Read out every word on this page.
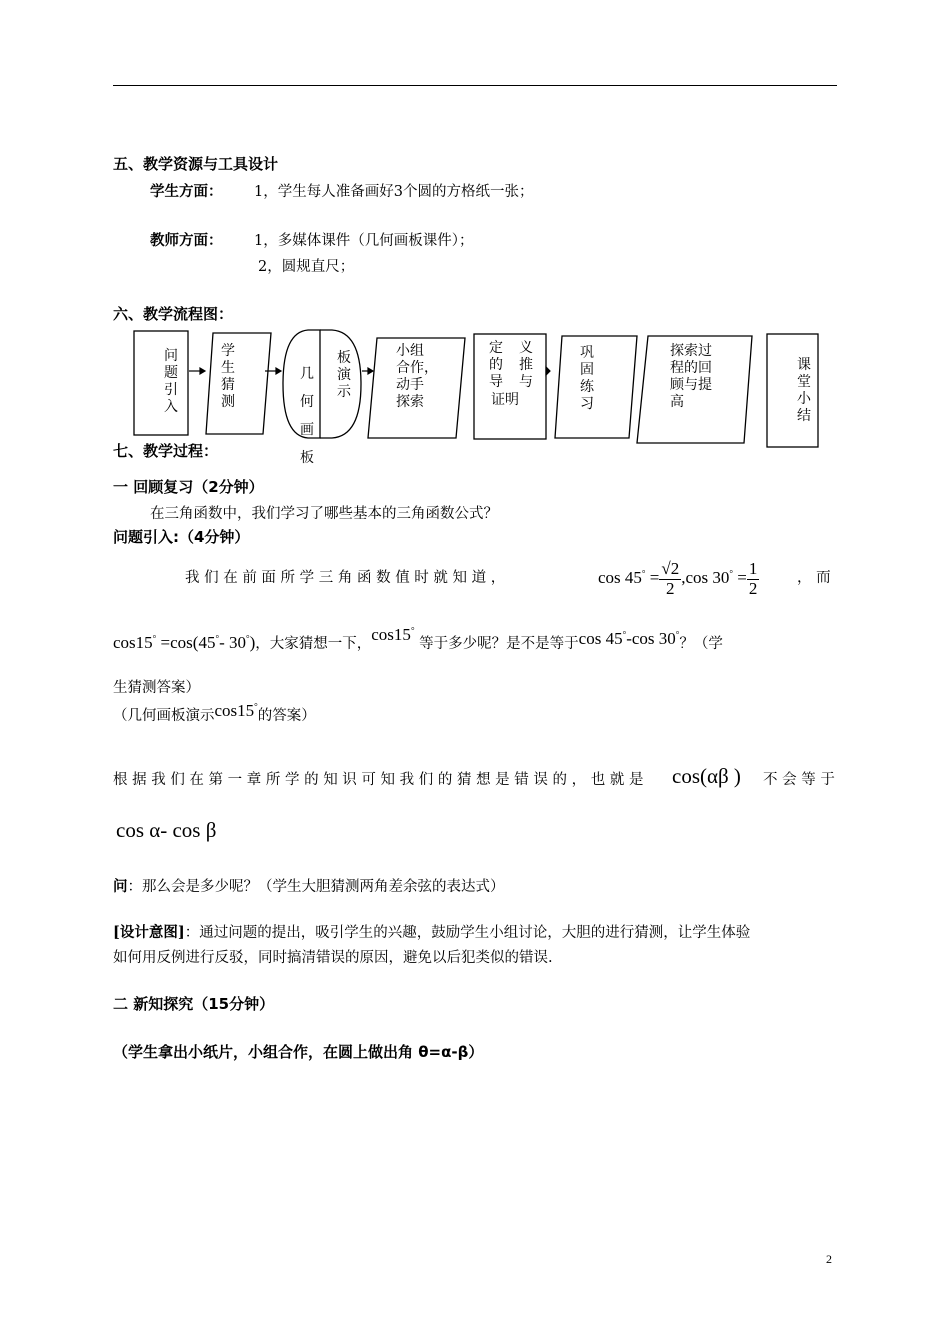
五、教学资源与工具设计
学生方面： 1，学生每人准备画好3个圆的方格纸一张；
教师方面： 1，多媒体课件（几何画板课件）；
2，圆规直尺；
六、教学流程图：
问
题
引
入
学
生
猜
测
几
何
画
板
板
演
示
小组
合作，
动手
探索
定
的
导
义
推
与
证明
巩
固
练
习
探索过
程的回
顾与提
高
课
堂
小
结
七、教学过程：
一 回顾复习（2分钟）
在三角函数中，我们学习了哪些基本的三角函数公式？
问题引入:（4分钟）
我 们 在 前 面 所 学 三 角 函 数 值 时 就 知 道 ，	$\cos 45^\circ = \frac{√2}{2} ,\cos$ $30^\circ = \frac{1}{2}$	， 而
cos15° =cos(45°- 30°)，大家猜想一下，cos15° 等于多少呢？是不是等于cos 45°-cos 30°？（学
生猜测答案）
（几何画板演示cos15°的答案）
根 据 我 们 在 第 一 章 所 学 的 知 识 可 知 我 们 的 猜 想 是 错 误 的 ， 也 就 是 cos(αβ ) 不 会 等 于
cos α- cos β
问：那么会是多少呢？（学生大胆猜测两角差余弦的表达式）
[设计意图]：通过问题的提出，吸引学生的兴趣，鼓励学生小组讨论，大胆的进行猜测，让学生体验
如何用反例进行反驳，同时搞清错误的原因，避免以后犯类似的错误.
二 新知探究（15分钟）
（学生拿出小纸片，小组合作，在圆上做出角 θ=α-β）
2
